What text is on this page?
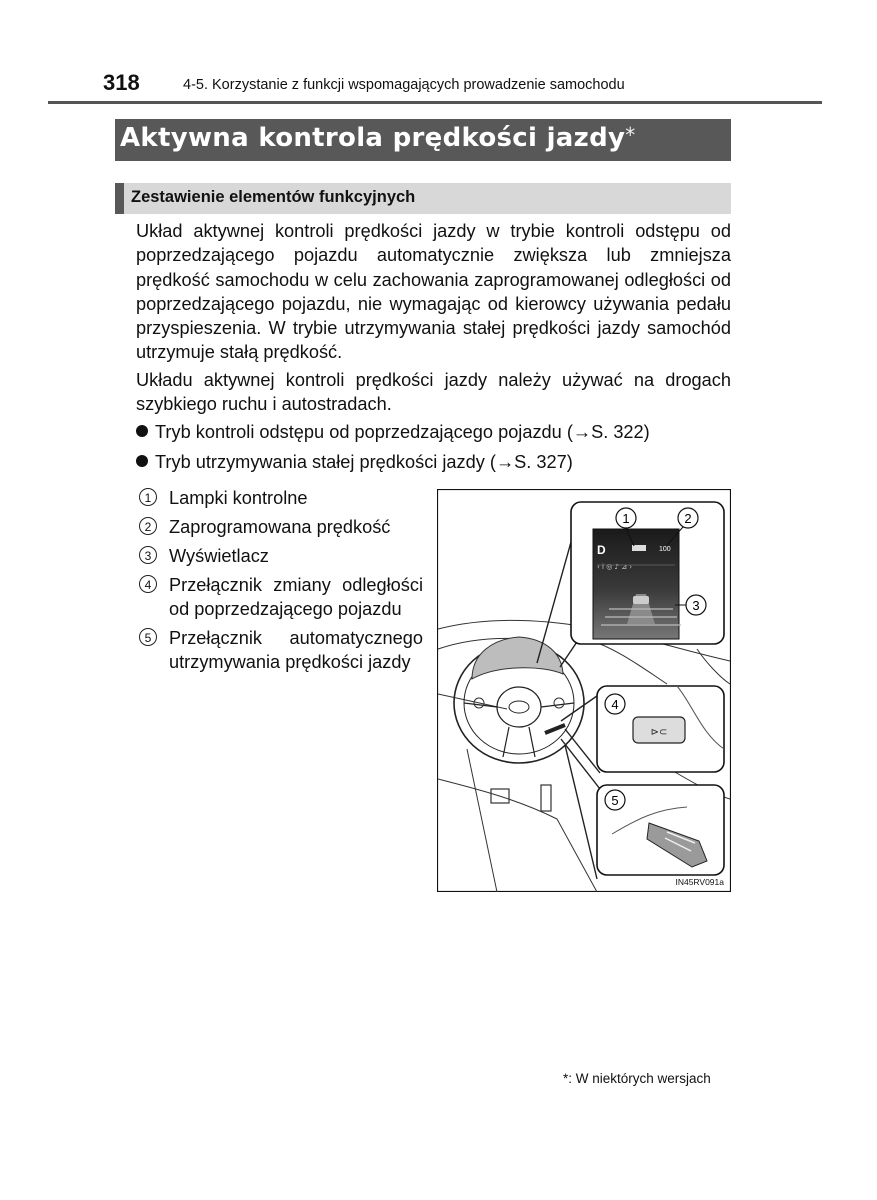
318	4-5. Korzystanie z funkcji wspomagających prowadzenie samochodu
Aktywna kontrola prędkości jazdy*
Zestawienie elementów funkcyjnych
Układ aktywnej kontroli prędkości jazdy w trybie kontroli odstępu od poprzedzającego pojazdu automatycznie zwiększa lub zmniejsza prędkość samochodu w celu zachowania zaprogramowanej odległości od poprzedzającego pojazdu, nie wymagając od kierowcy używania pedału przyspieszenia. W trybie utrzymywania stałej prędkości jazdy samochód utrzymuje stałą prędkość.
Układu aktywnej kontroli prędkości jazdy należy używać na drogach szybkiego ruchu i autostradach.
Tryb kontroli odstępu od poprzedzającego pojazdu (→S. 322)
Tryb utrzymywania stałej prędkości jazdy (→S. 327)
1 Lampki kontrolne
2 Zaprogramowana prędkość
3 Wyświetlacz
4 Przełącznik zmiany odległości od poprzedzającego pojazdu
5 Przełącznik automatycznego utrzymywania prędkości jazdy
D	100
‹ i ◎ ♪ ⊿ ›
1	2
3
⊳⊂
4
5
IN45RV091a
*: W niektórych wersjach
